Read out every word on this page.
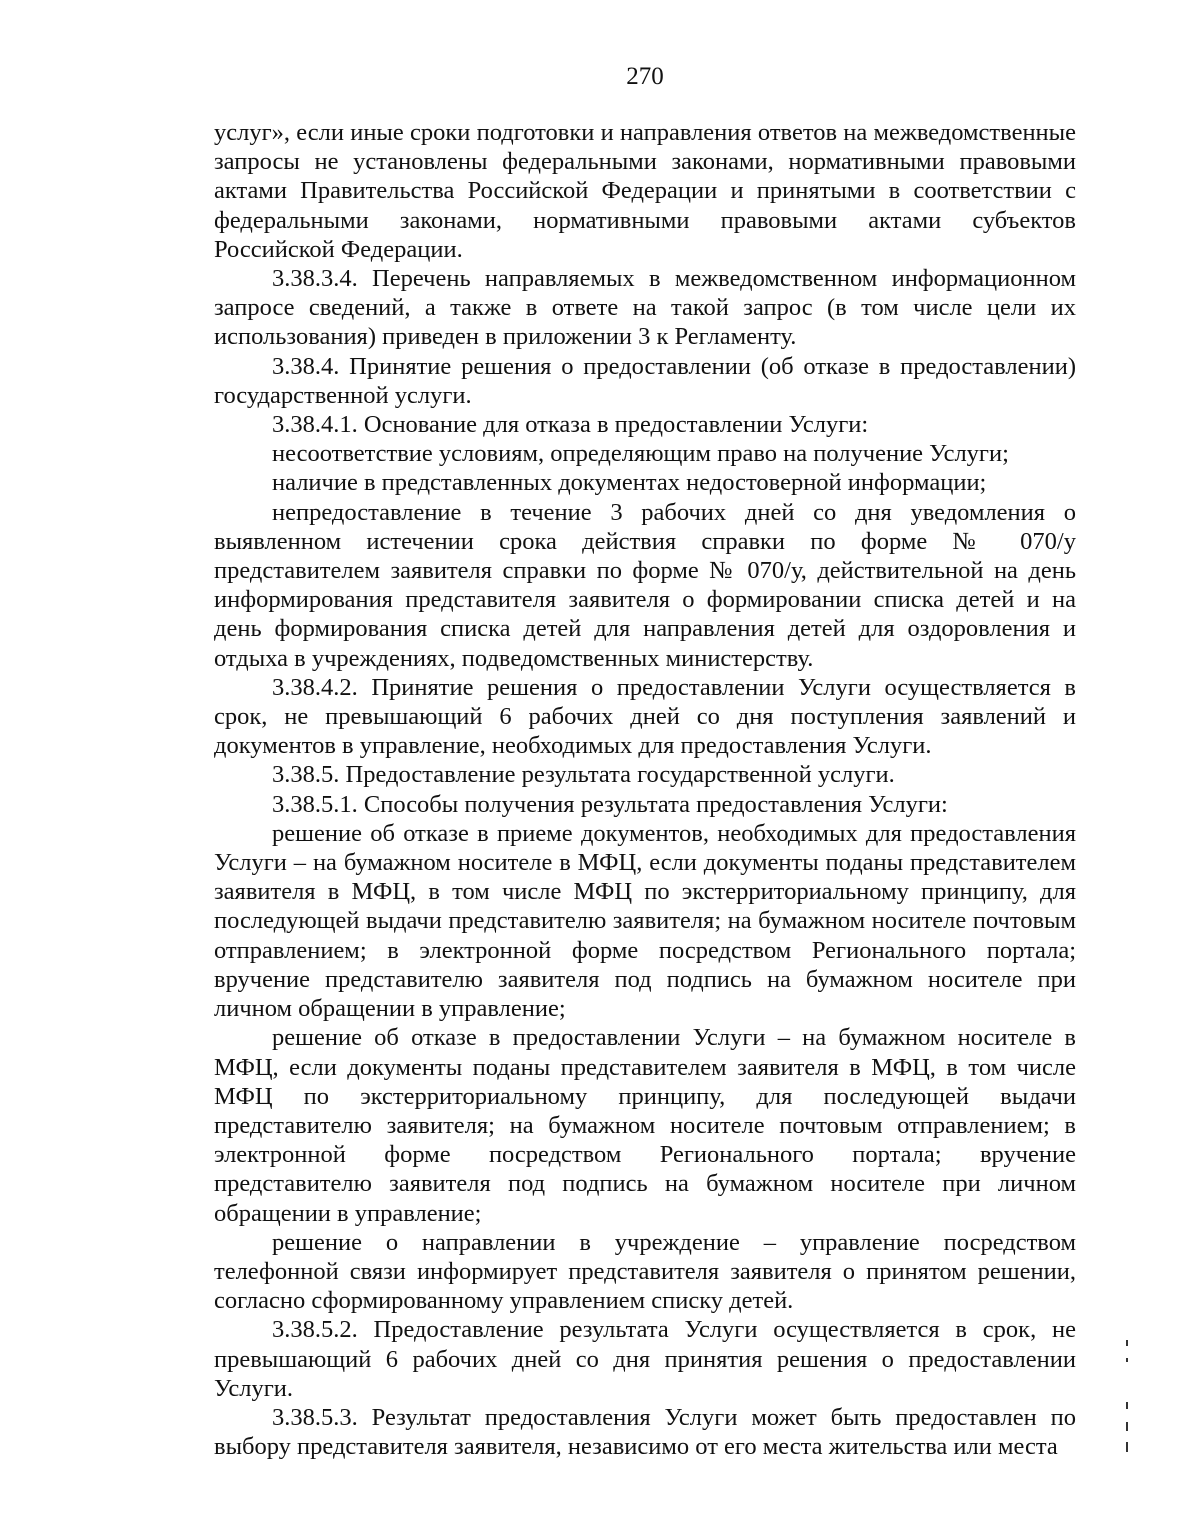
270

услуг», если иные сроки подготовки и направления ответов на межведомственные запросы не установлены федеральными законами, нормативными правовыми актами Правительства Российской Федерации и принятыми в соответствии с федеральными законами, нормативными правовыми актами субъектов Российской Федерации.

3.38.3.4. Перечень направляемых в межведомственном информационном запросе сведений, а также в ответе на такой запрос (в том числе цели их использования) приведен в приложении 3 к Регламенту.

3.38.4. Принятие решения о предоставлении (об отказе в предоставлении) государственной услуги.

3.38.4.1. Основание для отказа в предоставлении Услуги:

несоответствие условиям, определяющим право на получение Услуги;

наличие в представленных документах недостоверной информации;

непредоставление в течение 3 рабочих дней со дня уведомления о выявленном истечении срока действия справки по форме № 070/у представителем заявителя справки по форме № 070/у, действительной на день информирования представителя заявителя о формировании списка детей и на день формирования списка детей для направления детей для оздоровления и отдыха в учреждениях, подведомственных министерству.

3.38.4.2. Принятие решения о предоставлении Услуги осуществляется в срок, не превышающий 6 рабочих дней со дня поступления заявлений и документов в управление, необходимых для предоставления Услуги.

3.38.5. Предоставление результата государственной услуги.

3.38.5.1. Способы получения результата предоставления Услуги:

решение об отказе в приеме документов, необходимых для предоставления Услуги – на бумажном носителе в МФЦ, если документы поданы представителем заявителя в МФЦ, в том числе МФЦ по экстерриториальному принципу, для последующей выдачи представителю заявителя; на бумажном носителе почтовым отправлением; в электронной форме посредством Регионального портала; вручение представителю заявителя под подпись на бумажном носителе при личном обращении в управление;

решение об отказе в предоставлении Услуги – на бумажном носителе в МФЦ, если документы поданы представителем заявителя в МФЦ, в том числе МФЦ по экстерриториальному принципу, для последующей выдачи представителю заявителя; на бумажном носителе почтовым отправлением; в электронной форме посредством Регионального портала; вручение представителю заявителя под подпись на бумажном носителе при личном обращении в управление;

решение о направлении в учреждение – управление посредством телефонной связи информирует представителя заявителя о принятом решении, согласно сформированному управлением списку детей.

3.38.5.2. Предоставление результата Услуги осуществляется в срок, не превышающий 6 рабочих дней со дня принятия решения о предоставлении Услуги.

3.38.5.3. Результат предоставления Услуги может быть предоставлен по выбору представителя заявителя, независимо от его места жительства или места
